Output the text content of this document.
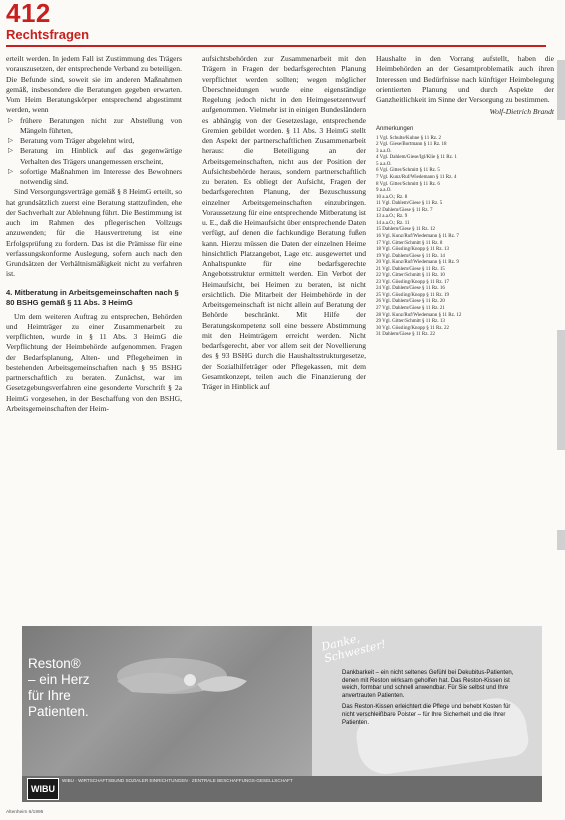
412
Rechtsfragen

erteilt werden. In jedem Fall ist Zustimmung des Trägers vorauszusetzen, der entsprechende Verband zu beteiligen. Die Befunde sind, soweit sie im anderen Maßnahmen gemäß, insbesondere die Beratungen gegeben erwarten. Vom Heim Beratungskörper entsprechend abgestimmt werden, wenn

▷ frühere Beratungen nicht zur Abstellung von Mängeln führten,
▷ Beratung vom Träger abgelehnt wird,
▷ Beratung im Hinblick auf das gegenwärtige Verhalten des Trägers unangemessen erscheint,
▷ sofortige Maßnahmen im Interesse des Bewohners notwendig sind.

Sind Versorgungsverträge gemäß § 8 HeimG erteilt, so hat grundsätzlich zuerst eine Beratung stattzufinden, ehe der Sachverhalt zur Ablehnung führt. Die Bestimmung ist auch im Rahmen des pflegerischen Vollzugs anzuwenden; für die Hausvertretung ist eine Erfolgsprüfung zu fordern. Das ist die Prämisse für eine verfassungskonforme Auslegung, sofern auch nach den Grundsätzen der Verhältnismäßigkeit nicht zu verfahren ist.

4. Mitberatung in Arbeitsgemeinschaften nach § 80 BSHG gemäß § 11 Abs. 3 HeimG

Um dem weiteren Auftrag zu entsprechen, Behörden und Heimträger zu einer Zusammenarbeit zu verpflichten, wurde in § 11 Abs. 3 HeimG die Verpflichtung der Heimbehörde aufgenommen. Fragen der Bedarfsplanung, Alten- und Pflegeheimen in bestehenden Arbeitsgemeinschaften nach § 95 BSHG partnerschaftlich zu beraten. Zunächst, war im Gesetzgebungsverfahren eine gesonderte Vorschrift § 2a HeimG vorgesehen, in der Beschaffung von den BSHG, Arbeitsgemeinschaften der Heim-

aufsichtsbehörden zur Zusammenarbeit mit den Trägern in Fragen der bedarfsgerechten Planung verpflichtet werden sollten; wegen möglicher Überschneidungen wurde eine eigenständige Regelung jedoch nicht in den Heimgesetzentwurf aufgenommen. Vielmehr ist in einigen Bundesländern es abhängig von der Gesetzeslage, entsprechende Gremien gebildet worden. § 11 Abs. 3 HeimG stellt den Aspekt der partnerschaftlichen Zusammenarbeit heraus: die Beteiligung an der Arbeitsgemeinschaften, nicht aus der Position der Aufsichtsbehörde heraus, sondern partnerschaftlich zu beraten. Es obliegt der Aufsicht, Fragen der bedarfsgerechten Planung, der Bezuschussung einzelner Arbeitsgemeinschaften einzubringen. Voraussetzung für eine entsprechende Mitberatung ist u. E., daß die Heimaufsicht über entsprechende Daten verfügt, auf denen die fachkundige Beratung fußen kann. Hierzu müssen die Daten der einzelnen Heime hinsichtlich Platzangebot, Lage etc. ausgewertet und Anhaltspunkte für eine bedarfsgerechte Angebotsstruktur ermittelt werden. Ein Verbot der Heimaufsicht, bei Heimen zu beraten, ist nicht ersichtlich. Die Mitarbeit der Heimbehörde in der Arbeitsgemeinschaft ist nicht allein auf Beratung der Behörde beschränkt. Mit Hilfe der Beratungskompetenz soll eine bessere Abstimmung mit den Heimträgern erreicht werden. Nicht bedarfsgerecht, aber vor allem seit der Novellierung des § 93 BSHG durch die Haushaltsstrukturgesetze, der Sozialhilfeträger oder Pflegekassen, mit dem Gesamtkonzept, teilen auch die Finanzierung der Träger in Hinblick auf

Haushalte in den Vorrang aufstellt, haben die Heimbehörden an der Gesamtproblematik auch ihren Interessen und Bedürfnisse nach künftiger Heimbelegung orientierten Planung und durch Aspekte der Ganzheitlichkeit im Sinne der Versorgung zu bestimmen.

Wolf-Dietrich Brandt
Anmerkungen
1 Vgl. Schulte/Kuhne § 11 Rz. 2
2 Vgl. Giese/Bortmann § 11 Rz. 18
3 a.a.O.
4 Vgl. Dahlem/Giese/Igl/Klie § 11 Rz. 1
5 a.a.O.
6 Vgl. Gitter/Schmitt § 11 Rz. 5
7 Vgl. Kunz/Ruf/Wiedemann § 11 Rz. 4
8 Vgl. Gitter/Schmitt § 11 Rz. 6
9 a.a.O.
10 a.a.O.; Rz. 8
11 Vgl. Dahlem/Giese § 11 Rz. 5
12 Dahlem/Giese § 11 Rz. 7
13 a.a.O.; Rz. 9
14 a.a.O.; Rz. 11
15 Dahlem/Giese § 11 Rz. 12
16 Vgl. Kunz/Ruf/Wiedemann § 11 Rz. 7
17 Vgl. Gitter/Schmitt § 11 Rz. 8
18 Vgl. Gössling/Knopp § 11 Rz. 13
19 Vgl. Dahlem/Giese § 11 Rz. 14
20 Vgl. Kunz/Ruf/Wiedemann § 11 Rz. 9
21 Vgl. Dahlem/Giese § 11 Rz. 15
22 Vgl. Gitter/Schmitt § 11 Rz. 10
23 Vgl. Gössling/Knopp § 11 Rz. 17
24 Vgl. Dahlem/Giese § 11 Rz. 16
25 Vgl. Gössling/Knopp § 11 Rz. 19
26 Vgl. Dahlem/Giese § 11 Rz. 20
27 Vgl. Dahlem/Giese § 11 Rz. 21
28 Vgl. Kunz/Ruf/Wiedemann § 11 Rz. 12
29 Vgl. Gitter/Schmitt § 11 Rz. 13
30 Vgl. Gössling/Knopp § 11 Rz. 22
31 Dahlem/Giese § 11 Rz. 22
Reston®
– ein Herz
für Ihre
Patienten.
Danke, Schwester!

Dankbarkeit – ein nicht seltenes Gefühl bei Dekubitus-Patienten, denen mit Reston wirksam geholfen hat. Das Reston-Kissen ist weich, formbar und schnell anwendbar. Für Sie selbst und Ihre anvertrauten Patienten.

Das Reston-Kissen erleichtert die Pflege und behebt Kosten für nicht verschleißbare Polster – für Ihre Sicherheit und die Ihrer Patienten.

WIBU
WIBU · WIRTSCHAFTSBUND SOZIALER EINRICHTUNGEN · ZENTRALE BESCHAFFUNGS-GESELLSCHAFT
Altenheim 6/1995
